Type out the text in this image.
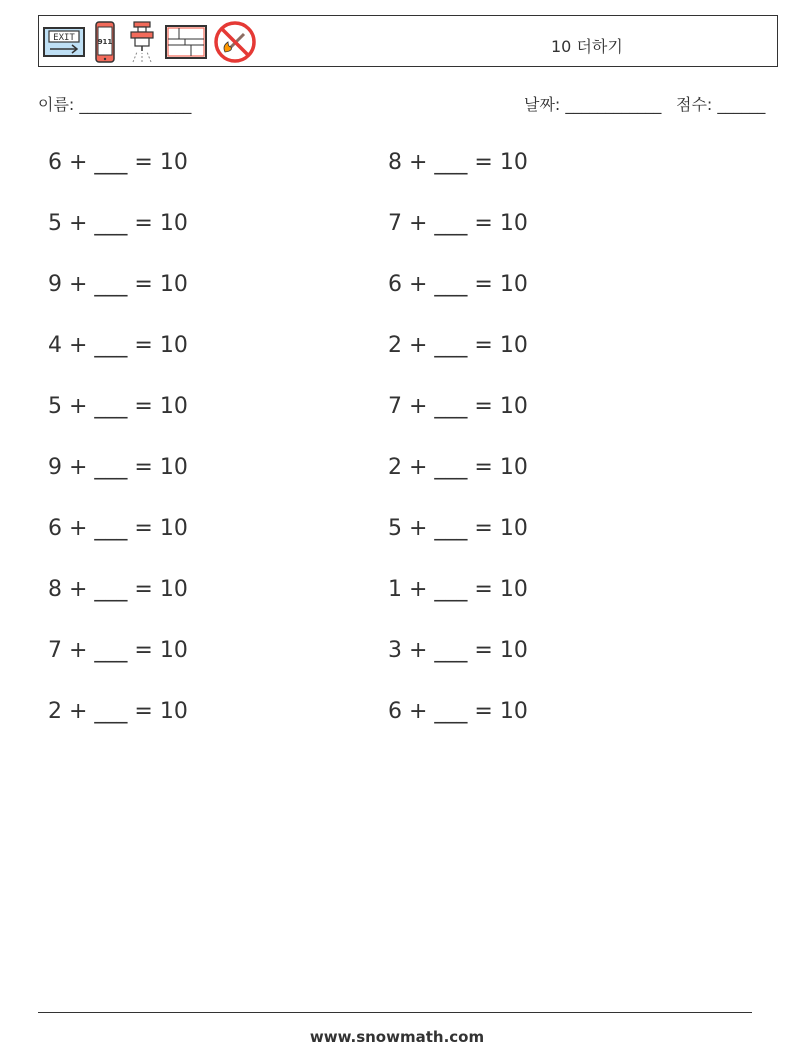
EXIT	911	10 더하기
이름: ______________	날짜: ____________ 점수: ______
6 + ___ = 10
5 + ___ = 10
9 + ___ = 10
4 + ___ = 10
5 + ___ = 10
9 + ___ = 10
6 + ___ = 10
8 + ___ = 10
7 + ___ = 10
2 + ___ = 10
8 + ___ = 10
7 + ___ = 10
6 + ___ = 10
2 + ___ = 10
7 + ___ = 10
2 + ___ = 10
5 + ___ = 10
1 + ___ = 10
3 + ___ = 10
6 + ___ = 10
www.snowmath.com
